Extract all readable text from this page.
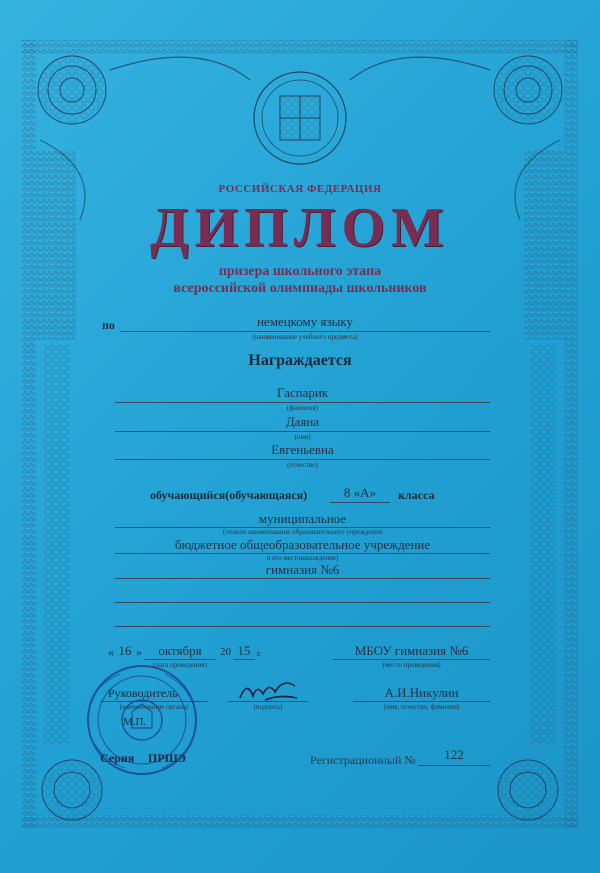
РОССИЙСКАЯ ФЕДЕРАЦИЯ
ДИПЛОМ
призера школьного этапа
всероссийской олимпиады школьников
по	немецкому языку
(наименование учебного предмета)
Награждается
Гаспарик
(фамилия)
Даяна
(имя)
Евгеньевна
(отчество)
обучающийся(обучающаяся)	8 «А»	класса
муниципальное
(полное наименование образовательного учреждения
бюджетное общеобразовательное учреждение
и его местонахождение)
гимназия №6
« 16 »	октября	20 15 г.
(дата проведения)
МБОУ гимназия №6
(место проведения)
Руководитель
(наименование органа)
М.П.
(подпись)
А.И.Никулин
(имя, отчество, фамилия)
Серия ПРШЭ	Регистрационный №	122
